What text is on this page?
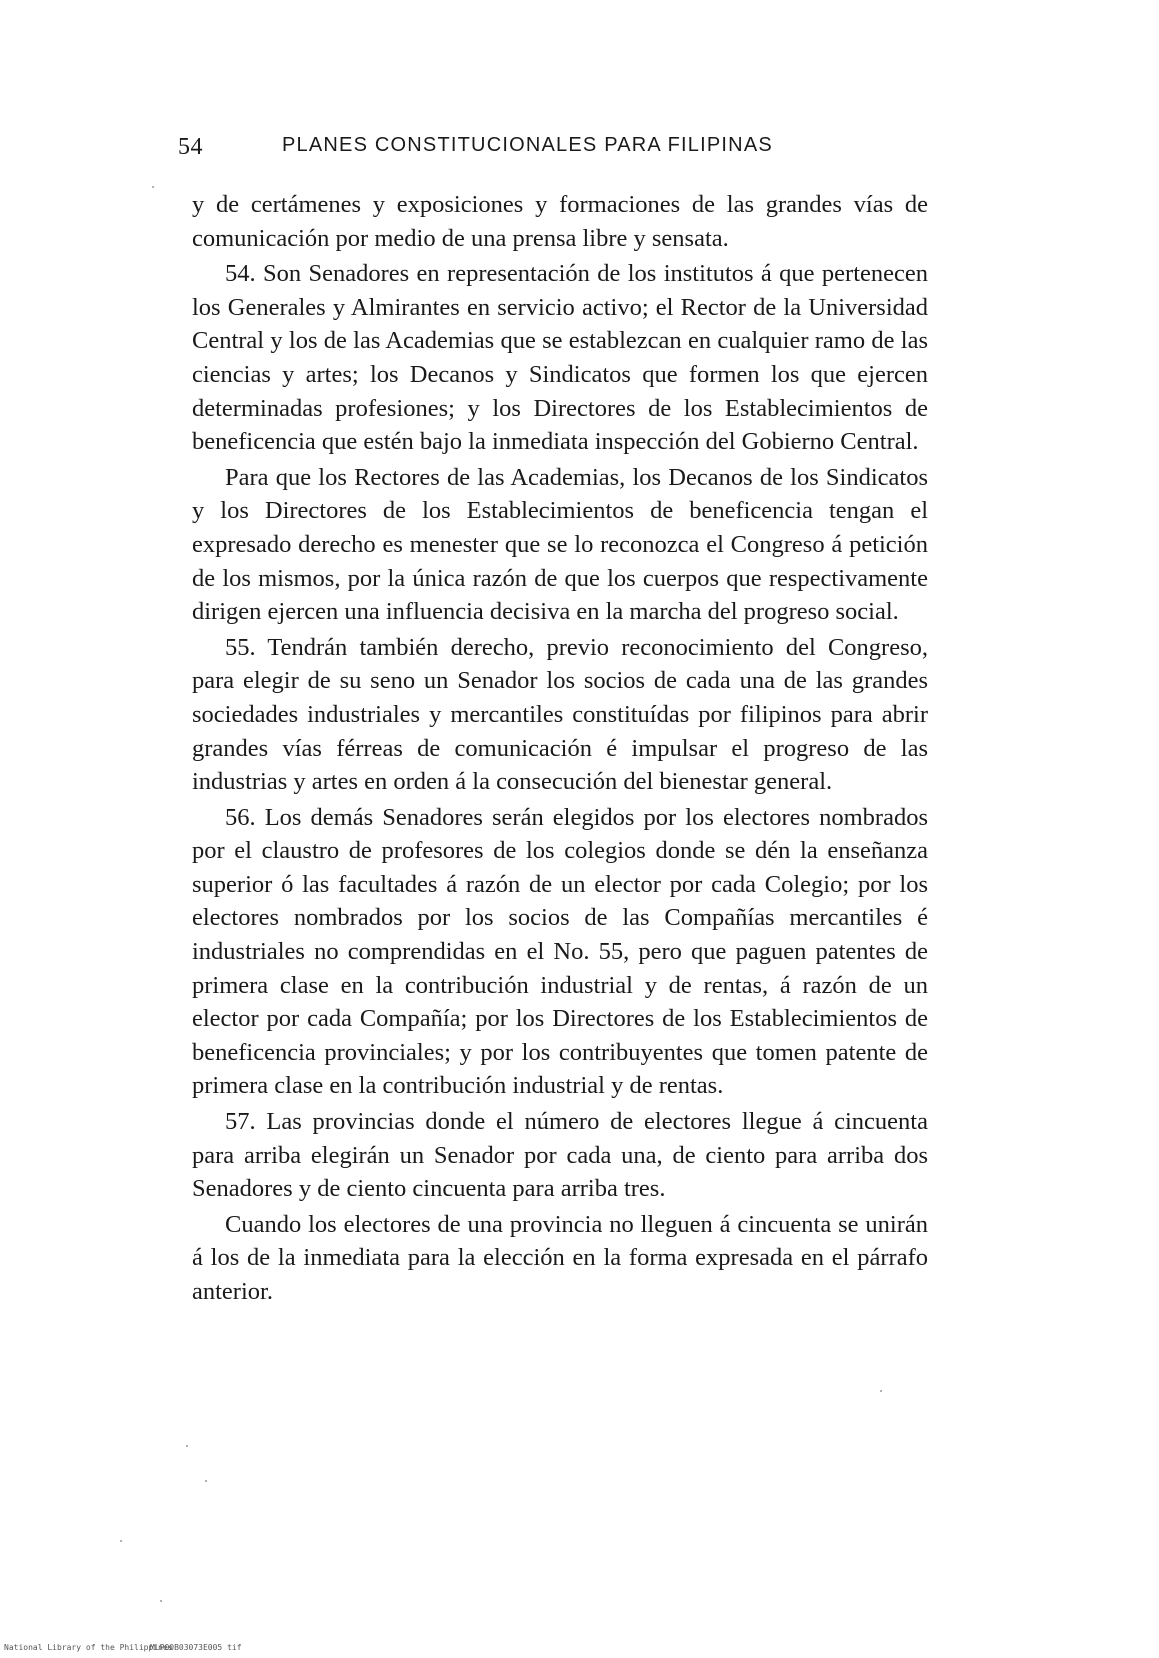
54	PLANES CONSTITUCIONALES PARA FILIPINAS

y de certámenes y exposiciones y formaciones de las grandes vías de comunicación por medio de una prensa libre y sensata.

54. Son Senadores en representación de los institutos á que pertenecen los Generales y Almirantes en servicio activo; el Rector de la Universidad Central y los de las Academias que se establezcan en cualquier ramo de las ciencias y artes; los Decanos y Sindicatos que formen los que ejercen determinadas profesiones; y los Directores de los Establecimientos de beneficencia que estén bajo la inmediata inspección del Gobierno Central.

Para que los Rectores de las Academias, los Decanos de los Sindicatos y los Directores de los Establecimientos de beneficencia tengan el expresado derecho es menester que se lo reconozca el Congreso á petición de los mismos, por la única razón de que los cuerpos que respectivamente dirigen ejercen una influencia decisiva en la marcha del progreso social.

55. Tendrán también derecho, previo reconocimiento del Congreso, para elegir de su seno un Senador los socios de cada una de las grandes sociedades industriales y mercantiles constituídas por filipinos para abrir grandes vías férreas de comunicación é impulsar el progreso de las industrias y artes en orden á la consecución del bienestar general.

56. Los demás Senadores serán elegidos por los electores nombrados por el claustro de profesores de los colegios donde se dén la enseñanza superior ó las facultades á razón de un elector por cada Colegio; por los electores nombrados por los socios de las Compañías mercantiles é industriales no comprendidas en el No. 55, pero que paguen patentes de primera clase en la contribución industrial y de rentas, á razón de un elector por cada Compañía; por los Directores de los Establecimientos de beneficencia provinciales; y por los contribuyentes que tomen patente de primera clase en la contribución industrial y de rentas.

57. Las provincias donde el número de electores llegue á cincuenta para arriba elegirán un Senador por cada una, de ciento para arriba dos Senadores y de ciento cincuenta para arriba tres.

Cuando los electores de una provincia no lleguen á cincuenta se unirán á los de la inmediata para la elección en la forma expresada en el párrafo anterior.

National Library of the Philippines
MLP00B03073E005 tif
